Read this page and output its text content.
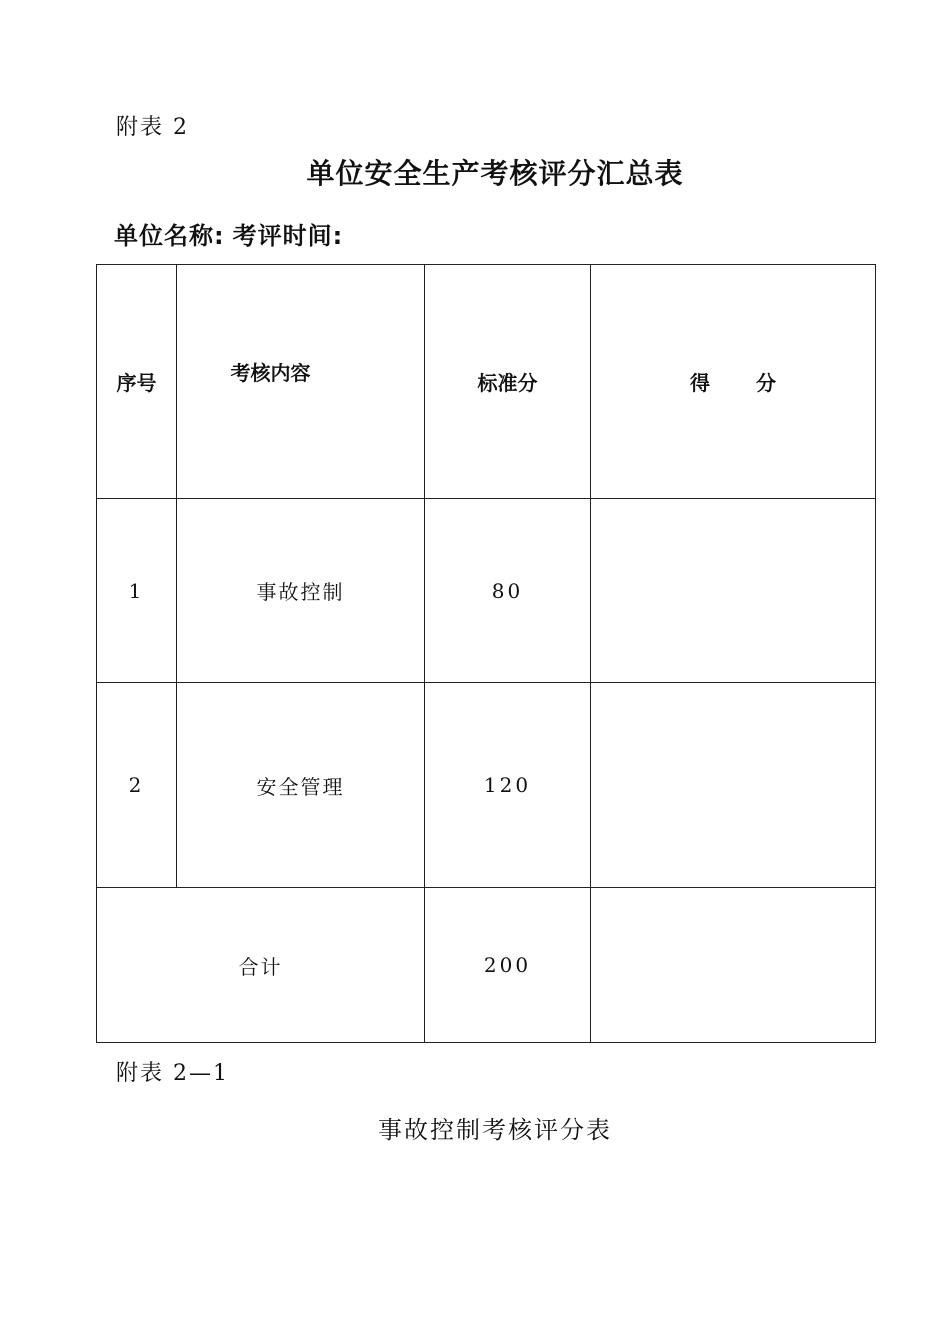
附表 2
单位安全生产考核评分汇总表
单位名称: 考评时间:
序号	考核内容	标准分	得 分
1	事故控制	80	
2	安全管理	120	
合计		200	
附表 2—1
事故控制考核评分表
